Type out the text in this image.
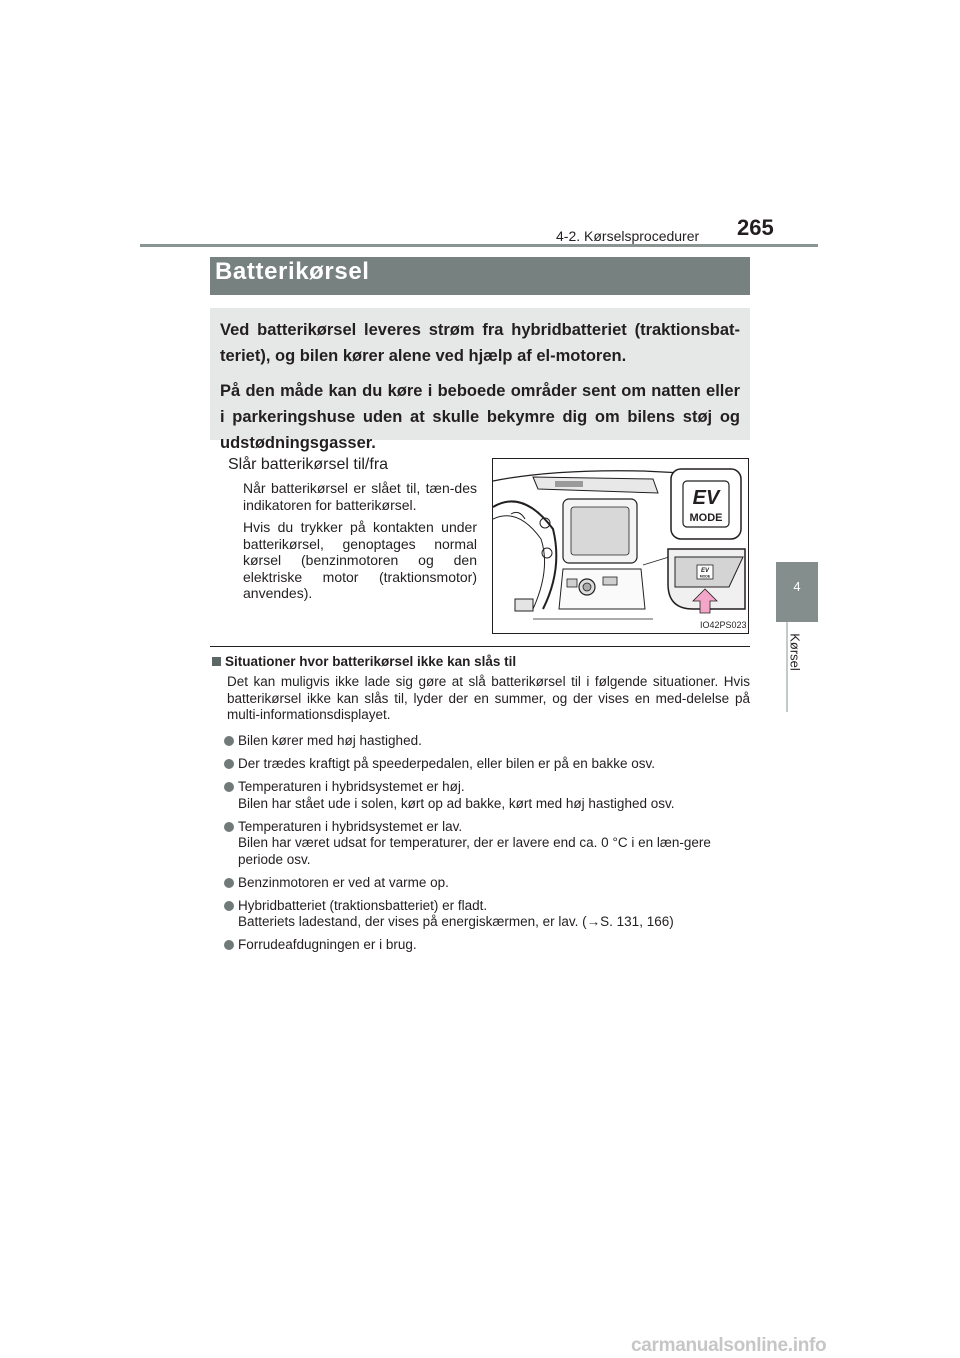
4-2. Kørselsprocedurer 265
4
Kørsel
Batterikørsel

Ved batterikørsel leveres strøm fra hybridbatteriet (traktionsbat-teriet), og bilen kører alene ved hjælp af el-motoren.

På den måde kan du køre i beboede områder sent om natten eller i parkeringshuse uden at skulle bekymre dig om bilens støj og udstødningsgasser.

Slår batterikørsel til/fra

Når batterikørsel er slået til, tæn-des indikatoren for batterikørsel.

Hvis du trykker på kontakten under batterikørsel, genoptages normal kørsel (benzinmotoren og den elektriske motor (traktionsmotor) anvendes).

EV
MODE
EV
MODE
IO42PS023
Situationer hvor batterikørsel ikke kan slås til
Det kan muligvis ikke lade sig gøre at slå batterikørsel til i følgende situationer. Hvis batterikørsel ikke kan slås til, lyder der en summer, og der vises en med-delelse på multi-informationsdisplayet.
Bilen kører med høj hastighed.
Der trædes kraftigt på speederpedalen, eller bilen er på en bakke osv.
Temperaturen i hybridsystemet er høj.
Bilen har stået ude i solen, kørt op ad bakke, kørt med høj hastighed osv.
Temperaturen i hybridsystemet er lav.
Bilen har været udsat for temperaturer, der er lavere end ca. 0 °C i en læn-gere periode osv.
Benzinmotoren er ved at varme op.
Hybridbatteriet (traktionsbatteriet) er fladt.
Batteriets ladestand, der vises på energiskærmen, er lav. (→S. 131, 166)
Forrudeafdugningen er i brug.
carmanualsonline.info
